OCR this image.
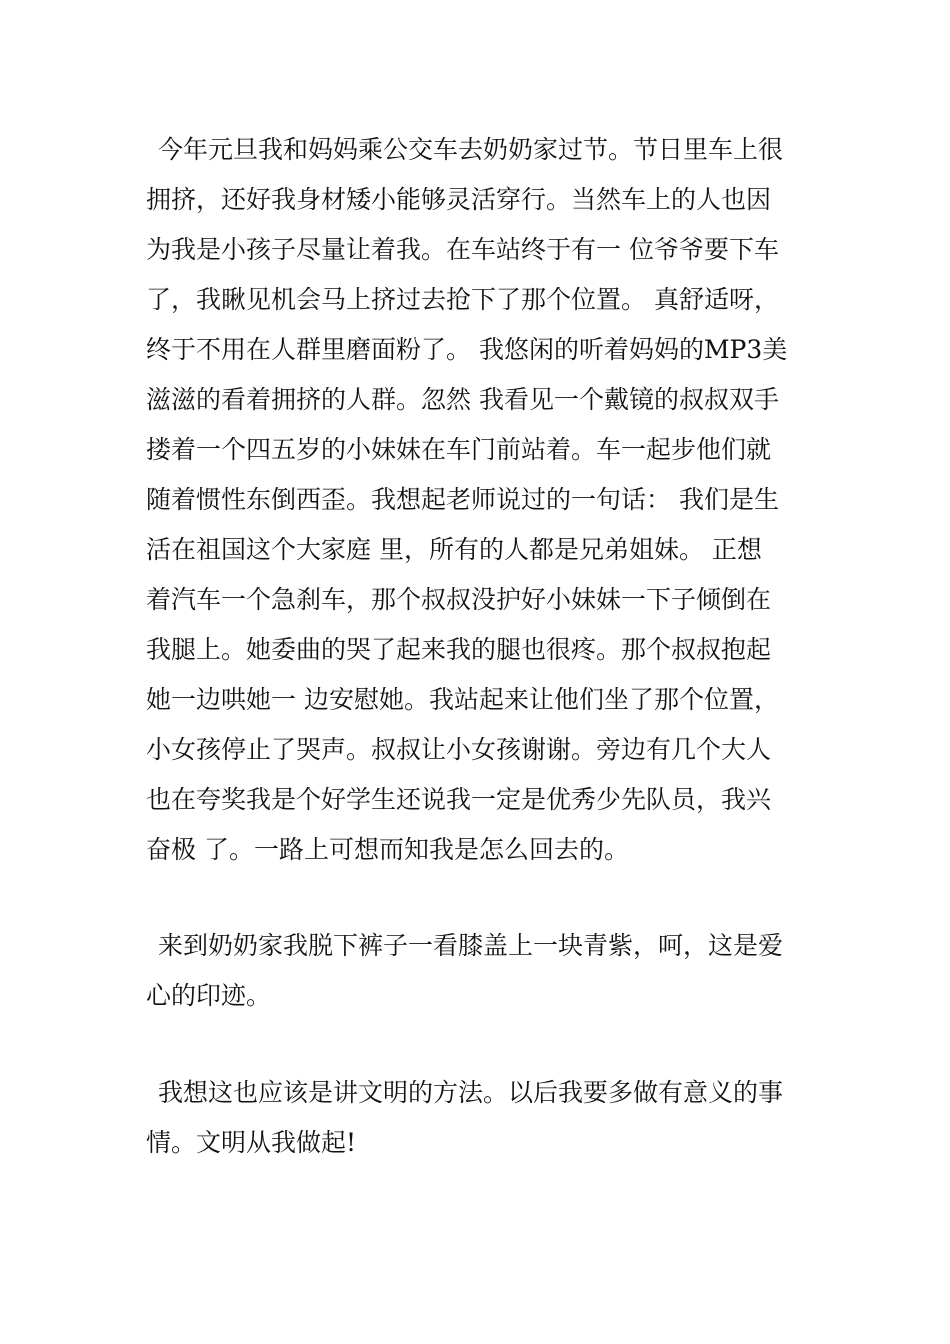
今年元旦我和妈妈乘公交车去奶奶家过节。节日里车上很
拥挤，还好我身材矮小能够灵活穿行。当然车上的人也因
为我是小孩子尽量让着我。在车站终于有一 位爷爷要下车
了，我瞅见机会马上挤过去抢下了那个位置。 真舒适呀，
终于不用在人群里磨面粉了。 我悠闲的听着妈妈的MP3美
滋滋的看着拥挤的人群。忽然 我看见一个戴镜的叔叔双手
搂着一个四五岁的小妹妹在车门前站着。车一起步他们就
随着惯性东倒西歪。我想起老师说过的一句话： 我们是生
活在祖国这个大家庭 里，所有的人都是兄弟姐妹。 正想
着汽车一个急刹车，那个叔叔没护好小妹妹一下子倾倒在
我腿上。她委曲的哭了起来我的腿也很疼。那个叔叔抱起
她一边哄她一 边安慰她。我站起来让他们坐了那个位置，
小女孩停止了哭声。叔叔让小女孩谢谢。旁边有几个大人
也在夸奖我是个好学生还说我一定是优秀少先队员，我兴
奋极 了。一路上可想而知我是怎么回去的。
来到奶奶家我脱下裤子一看膝盖上一块青紫，呵，这是爱
心的印迹。
我想这也应该是讲文明的方法。以后我要多做有意义的事
情。文明从我做起!
